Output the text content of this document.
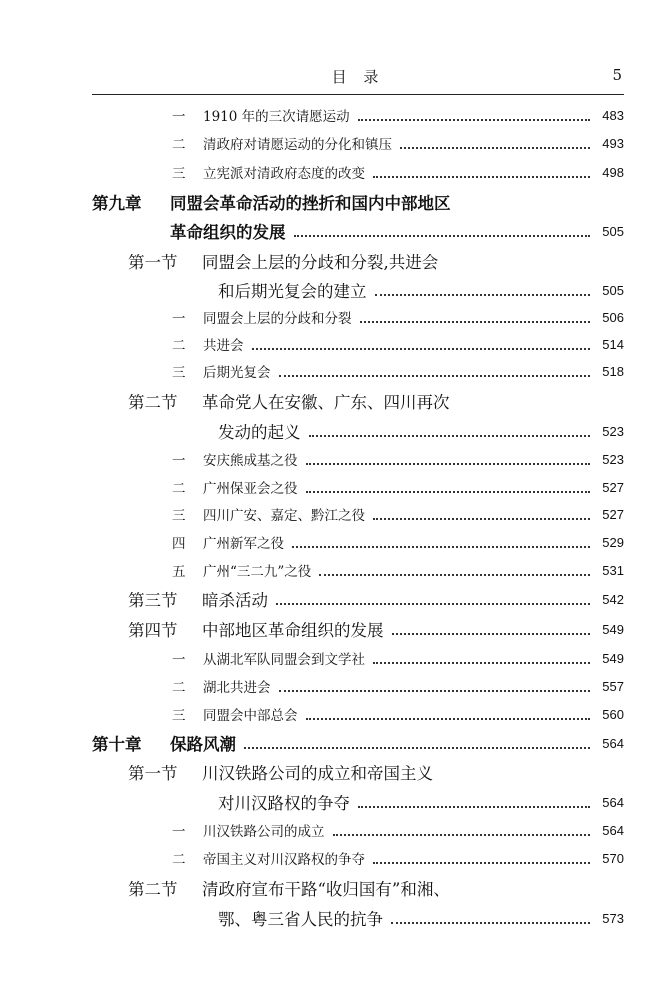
目 录	5
一 1910 年的三次请愿运动	483
二 清政府对请愿运动的分化和镇压	493
三 立宪派对清政府态度的改变	498
第九章 同盟会革命活动的挫折和国内中部地区
革命组织的发展	505
第一节 同盟会上层的分歧和分裂,共进会
和后期光复会的建立	505
一 同盟会上层的分歧和分裂	506
二 共进会	514
三 后期光复会	518
第二节 革命党人在安徽、广东、四川再次
发动的起义	523
一 安庆熊成基之役	523
二 广州保亚会之役	527
三 四川广安、嘉定、黔江之役	527
四 广州新军之役	529
五 广州“三二九”之役	531
第三节 暗杀活动	542
第四节 中部地区革命组织的发展	549
一 从湖北军队同盟会到文学社	549
二 湖北共进会	557
三 同盟会中部总会	560
第十章 保路风潮	564
第一节 川汉铁路公司的成立和帝国主义
对川汉路权的争夺	564
一 川汉铁路公司的成立	564
二 帝国主义对川汉路权的争夺	570
第二节 清政府宣布干路“收归国有”和湘、
鄂、粤三省人民的抗争	573
